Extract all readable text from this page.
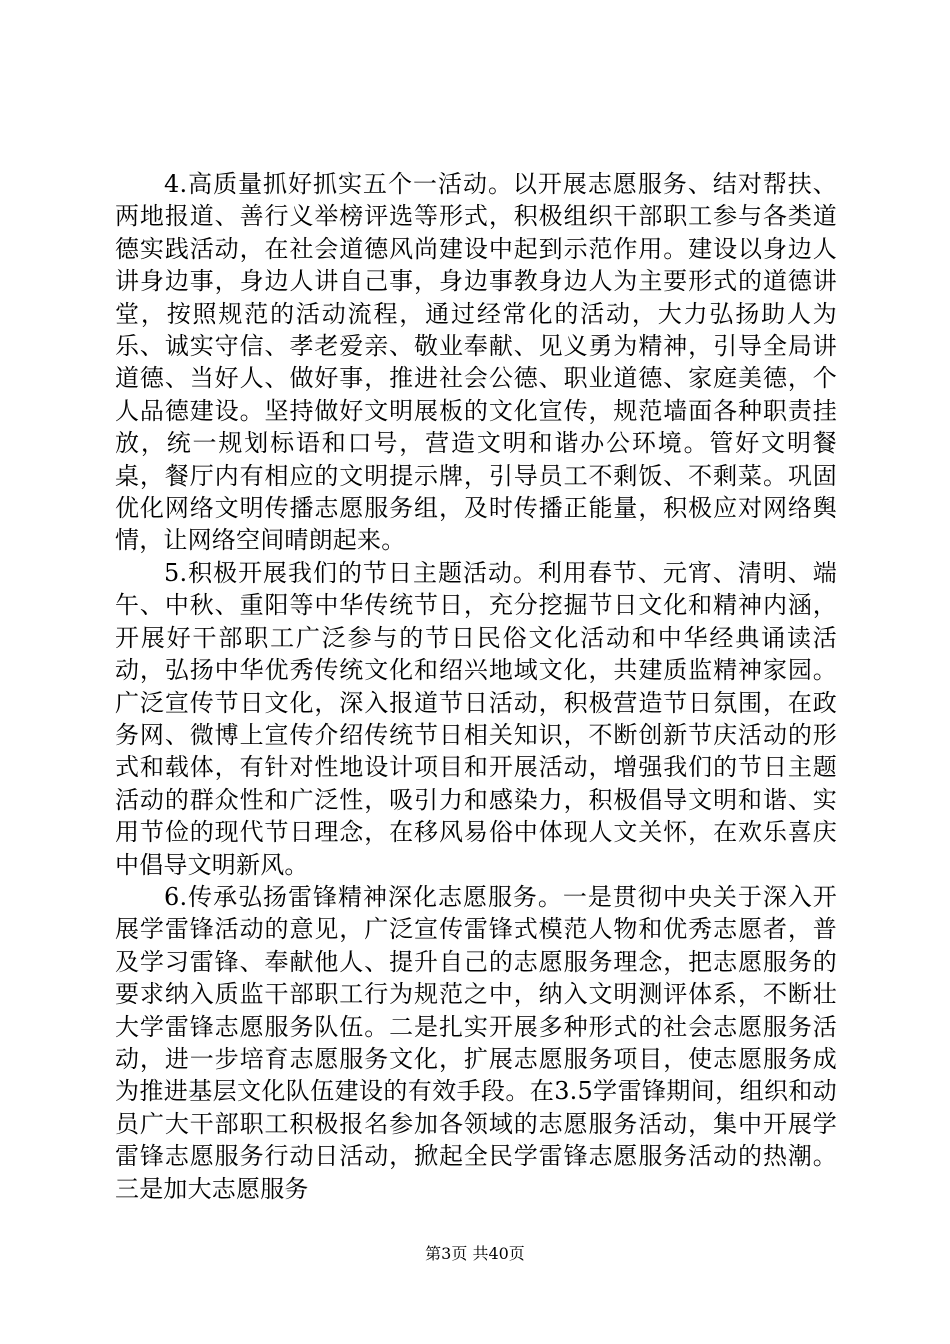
4.高质量抓好抓实五个一活动。以开展志愿服务、结对帮扶、两地报道、善行义举榜评选等形式，积极组织干部职工参与各类道德实践活动，在社会道德风尚建设中起到示范作用。建设以身边人讲身边事，身边人讲自己事，身边事教身边人为主要形式的道德讲堂，按照规范的活动流程，通过经常化的活动，大力弘扬助人为乐、诚实守信、孝老爱亲、敬业奉献、见义勇为精神，引导全局讲道德、当好人、做好事，推进社会公德、职业道德、家庭美德，个人品德建设。坚持做好文明展板的文化宣传，规范墙面各种职责挂放，统一规划标语和口号，营造文明和谐办公环境。管好文明餐桌，餐厅内有相应的文明提示牌，引导员工不剩饭、不剩菜。巩固优化网络文明传播志愿服务组，及时传播正能量，积极应对网络舆情，让网络空间晴朗起来。

5.积极开展我们的节日主题活动。利用春节、元宵、清明、端午、中秋、重阳等中华传统节日，充分挖掘节日文化和精神内涵，开展好干部职工广泛参与的节日民俗文化活动和中华经典诵读活动，弘扬中华优秀传统文化和绍兴地域文化，共建质监精神家园。广泛宣传节日文化，深入报道节日活动，积极营造节日氛围，在政务网、微博上宣传介绍传统节日相关知识，不断创新节庆活动的形式和载体，有针对性地设计项目和开展活动，增强我们的节日主题活动的群众性和广泛性，吸引力和感染力，积极倡导文明和谐、实用节俭的现代节日理念，在移风易俗中体现人文关怀，在欢乐喜庆中倡导文明新风。

6.传承弘扬雷锋精神深化志愿服务。一是贯彻中央关于深入开展学雷锋活动的意见，广泛宣传雷锋式模范人物和优秀志愿者，普及学习雷锋、奉献他人、提升自己的志愿服务理念，把志愿服务的要求纳入质监干部职工行为规范之中，纳入文明测评体系，不断壮大学雷锋志愿服务队伍。二是扎实开展多种形式的社会志愿服务活动，进一步培育志愿服务文化，扩展志愿服务项目，使志愿服务成为推进基层文化队伍建设的有效手段。在3.5学雷锋期间，组织和动员广大干部职工积极报名参加各领域的志愿服务活动，集中开展学雷锋志愿服务行动日活动，掀起全民学雷锋志愿服务活动的热潮。三是加大志愿服务

第3页 共40页
